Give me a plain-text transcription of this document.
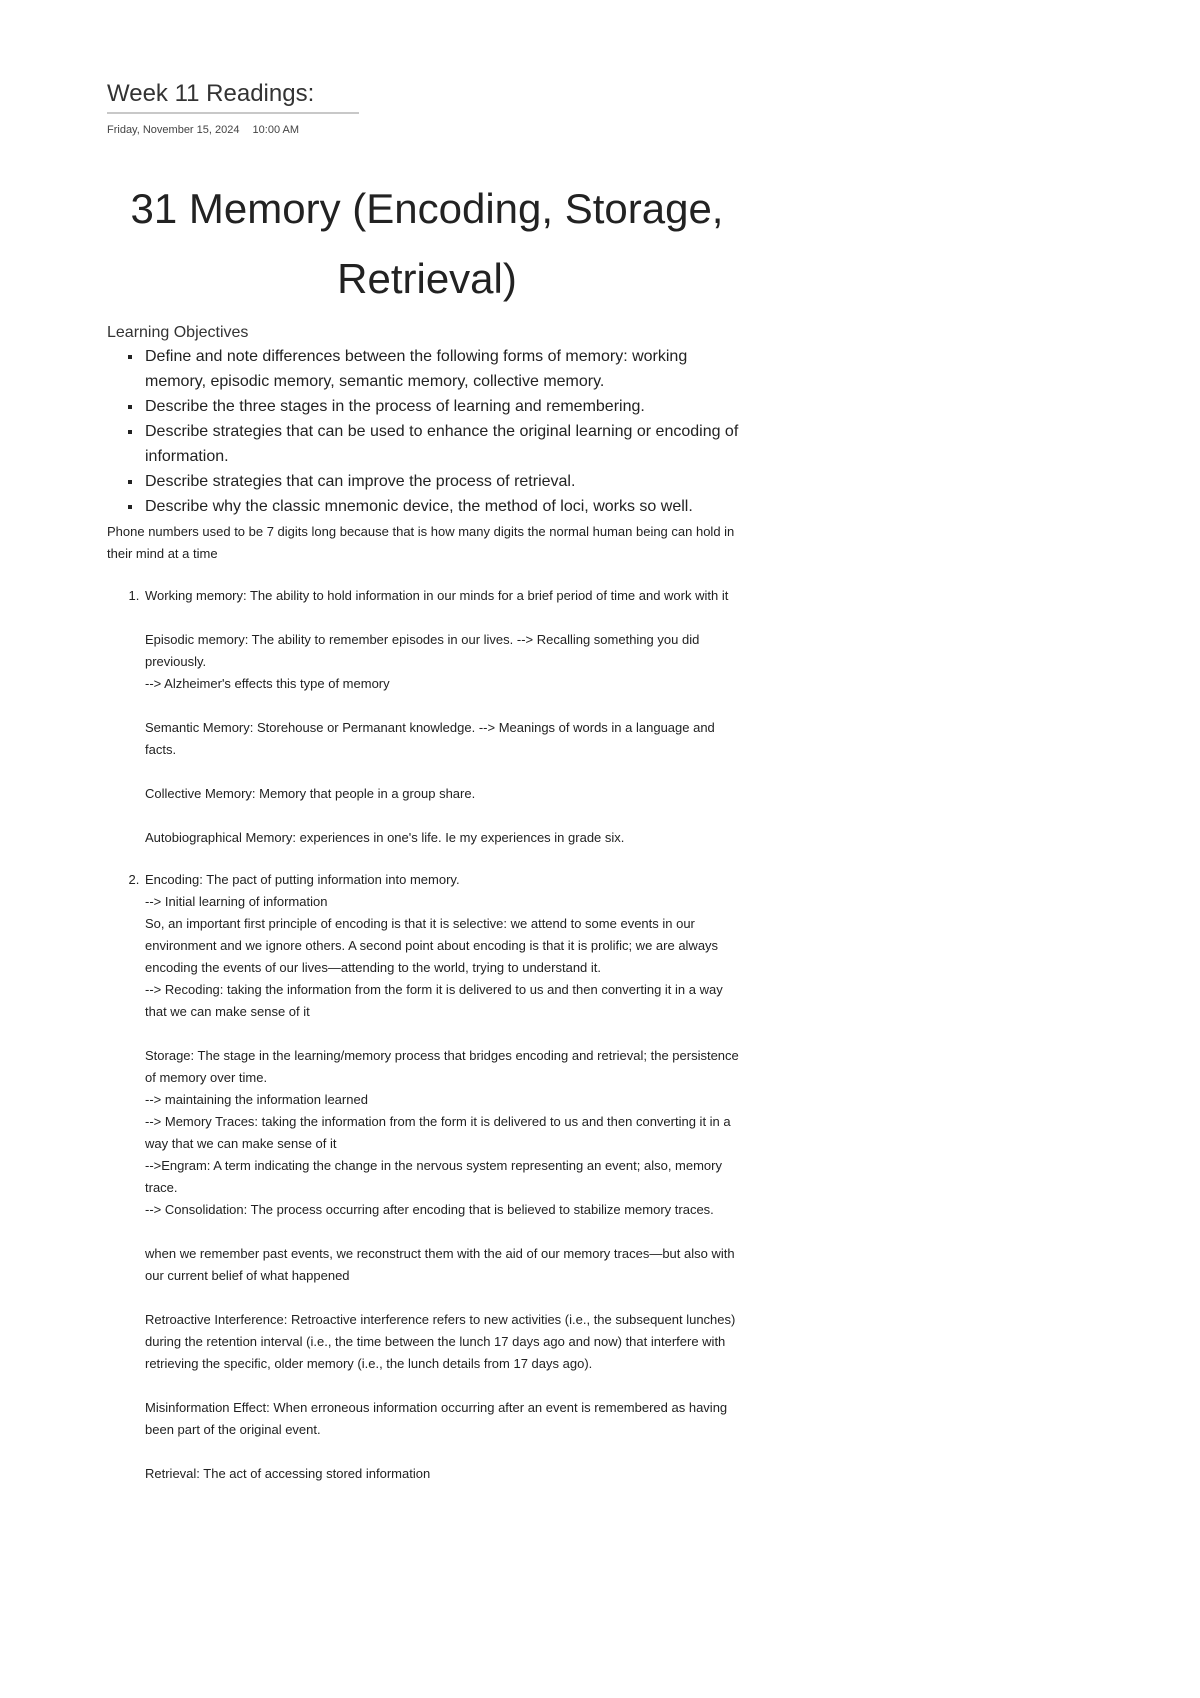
Week 11 Readings:
Friday, November 15, 2024 10:00 AM
31 Memory (Encoding, Storage, Retrieval)
Learning Objectives
▪ Define and note differences between the following forms of memory: working memory, episodic memory, semantic memory, collective memory.
▪ Describe the three stages in the process of learning and remembering.
▪ Describe strategies that can be used to enhance the original learning or encoding of information.
▪ Describe strategies that can improve the process of retrieval.
▪ Describe why the classic mnemonic device, the method of loci, works so well.
Phone numbers used to be 7 digits long because that is how many digits the normal human being can hold in their mind at a time
1. Working memory: The ability to hold information in our minds for a brief period of time and work with it
Episodic memory: The ability to remember episodes in our lives. --> Recalling something you did previously.
--> Alzheimer's effects this type of memory
Semantic Memory: Storehouse or Permanant knowledge. --> Meanings of words in a language and facts.
Collective Memory: Memory that people in a group share.
Autobiographical Memory: experiences in one's life. Ie my experiences in grade six.
2. Encoding: The pact of putting information into memory.
--> Initial learning of information
So, an important first principle of encoding is that it is selective: we attend to some events in our environment and we ignore others. A second point about encoding is that it is prolific; we are always encoding the events of our lives—attending to the world, trying to understand it.
--> Recoding: taking the information from the form it is delivered to us and then converting it in a way that we can make sense of it
Storage: The stage in the learning/memory process that bridges encoding and retrieval; the persistence of memory over time.
--> maintaining the information learned
--> Memory Traces: taking the information from the form it is delivered to us and then converting it in a way that we can make sense of it
-->Engram: A term indicating the change in the nervous system representing an event; also, memory trace.
--> Consolidation: The process occurring after encoding that is believed to stabilize memory traces.
when we remember past events, we reconstruct them with the aid of our memory traces—but also with our current belief of what happened
Retroactive Interference: Retroactive interference refers to new activities (i.e., the subsequent lunches) during the retention interval (i.e., the time between the lunch 17 days ago and now) that interfere with retrieving the specific, older memory (i.e., the lunch details from 17 days ago).
Misinformation Effect: When erroneous information occurring after an event is remembered as having been part of the original event.
Retrieval: The act of accessing stored information
